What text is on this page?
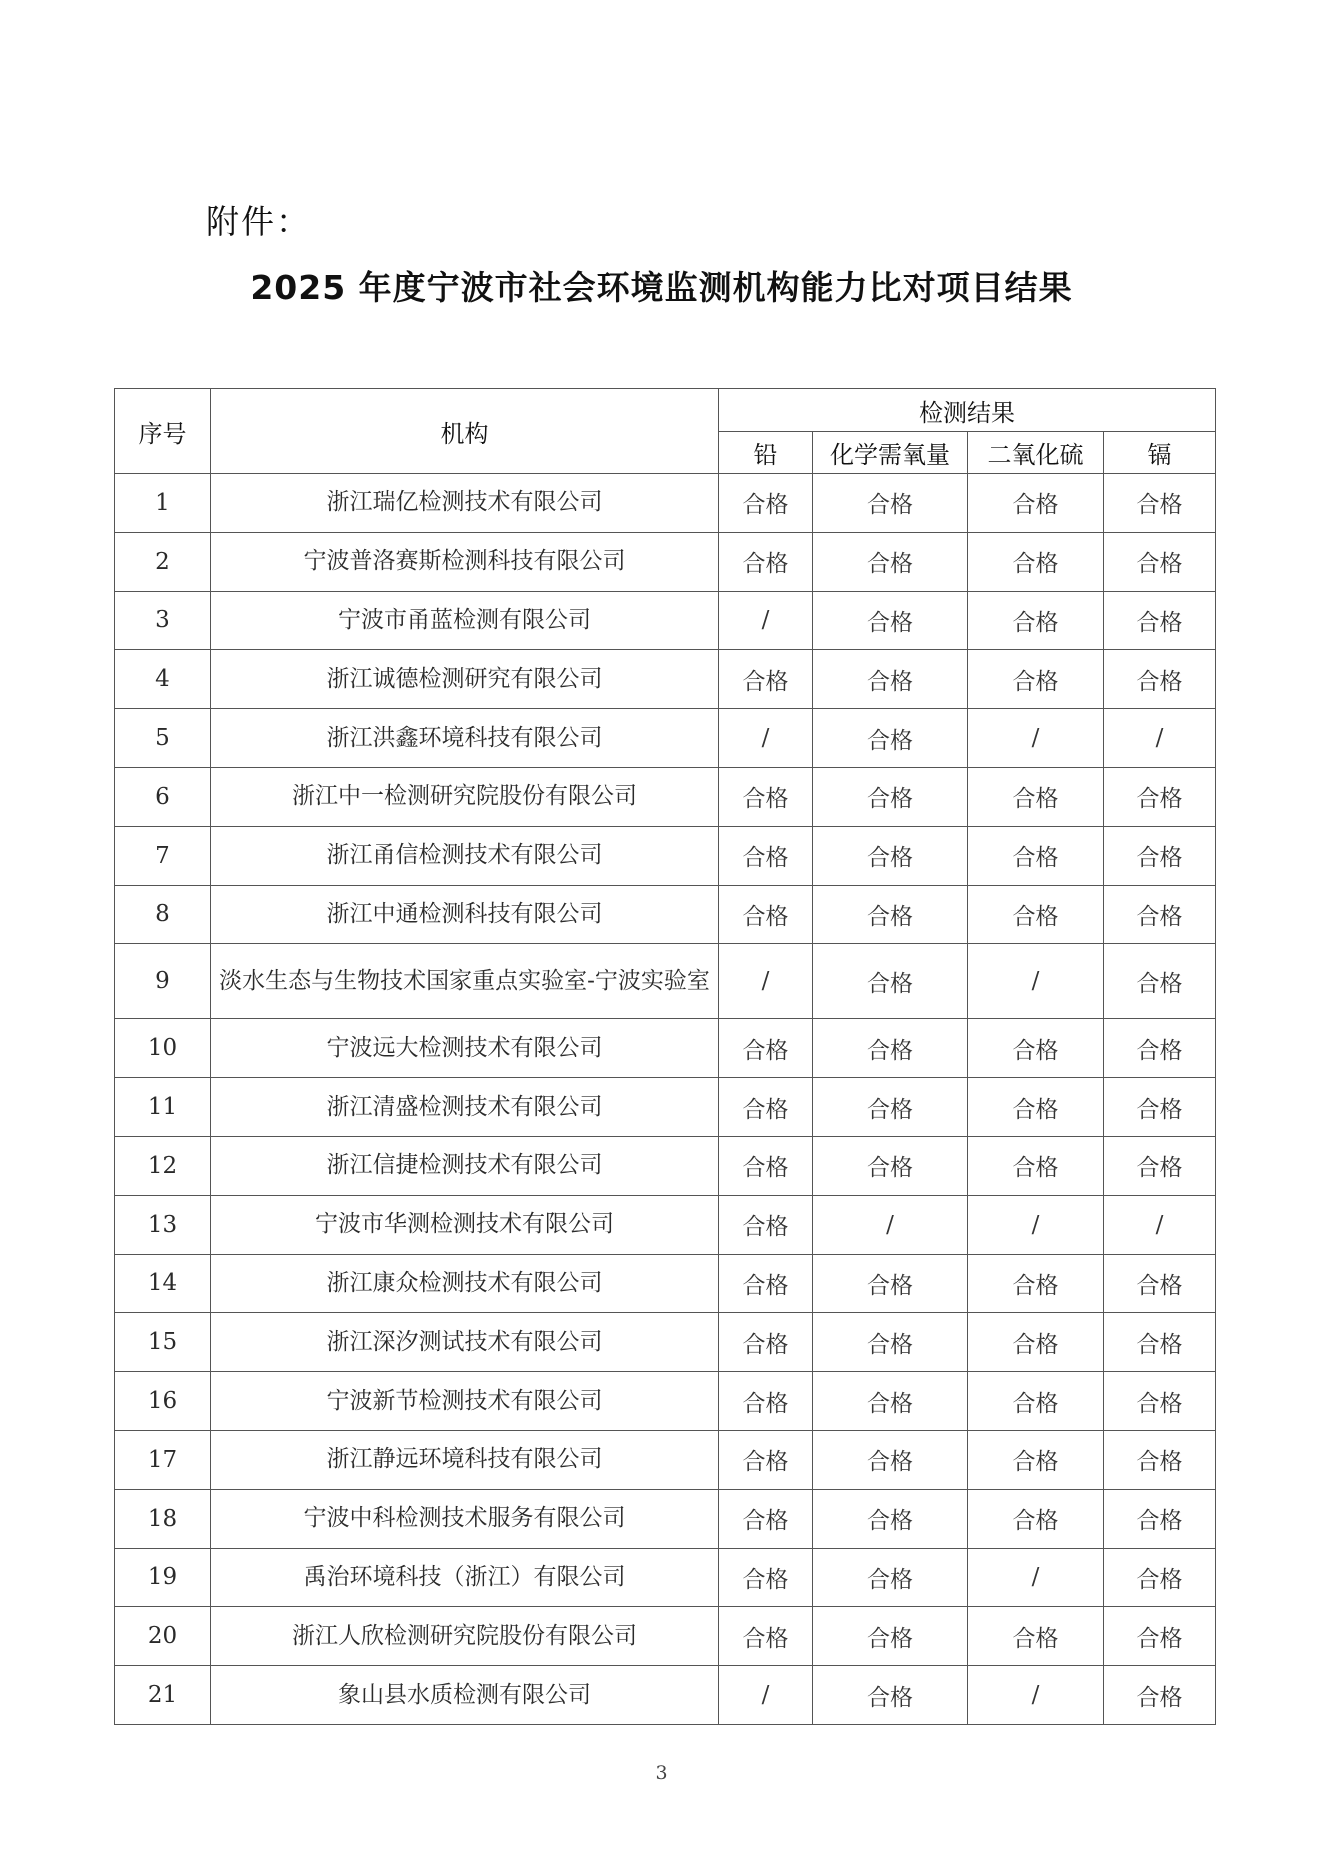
附件：
2025 年度宁波市社会环境监测机构能力比对项目结果
序号	机构	检测结果			
		铅	化学需氧量	二氧化硫	镉
1	浙江瑞亿检测技术有限公司	合格	合格	合格	合格
2	宁波普洛赛斯检测科技有限公司	合格	合格	合格	合格
3	宁波市甬蓝检测有限公司	/	合格	合格	合格
4	浙江诚德检测研究有限公司	合格	合格	合格	合格
5	浙江洪鑫环境科技有限公司	/	合格	/	/
6	浙江中一检测研究院股份有限公司	合格	合格	合格	合格
7	浙江甬信检测技术有限公司	合格	合格	合格	合格
8	浙江中通检测科技有限公司	合格	合格	合格	合格
9	淡水生态与生物技术国家重点实验室-宁波实验室	/	合格	/	合格
10	宁波远大检测技术有限公司	合格	合格	合格	合格
11	浙江清盛检测技术有限公司	合格	合格	合格	合格
12	浙江信捷检测技术有限公司	合格	合格	合格	合格
13	宁波市华测检测技术有限公司	合格	/	/	/
14	浙江康众检测技术有限公司	合格	合格	合格	合格
15	浙江深汐测试技术有限公司	合格	合格	合格	合格
16	宁波新节检测技术有限公司	合格	合格	合格	合格
17	浙江静远环境科技有限公司	合格	合格	合格	合格
18	宁波中科检测技术服务有限公司	合格	合格	合格	合格
19	禹治环境科技（浙江）有限公司	合格	合格	/	合格
20	浙江人欣检测研究院股份有限公司	合格	合格	合格	合格
21	象山县水质检测有限公司	/	合格	/	合格
3
